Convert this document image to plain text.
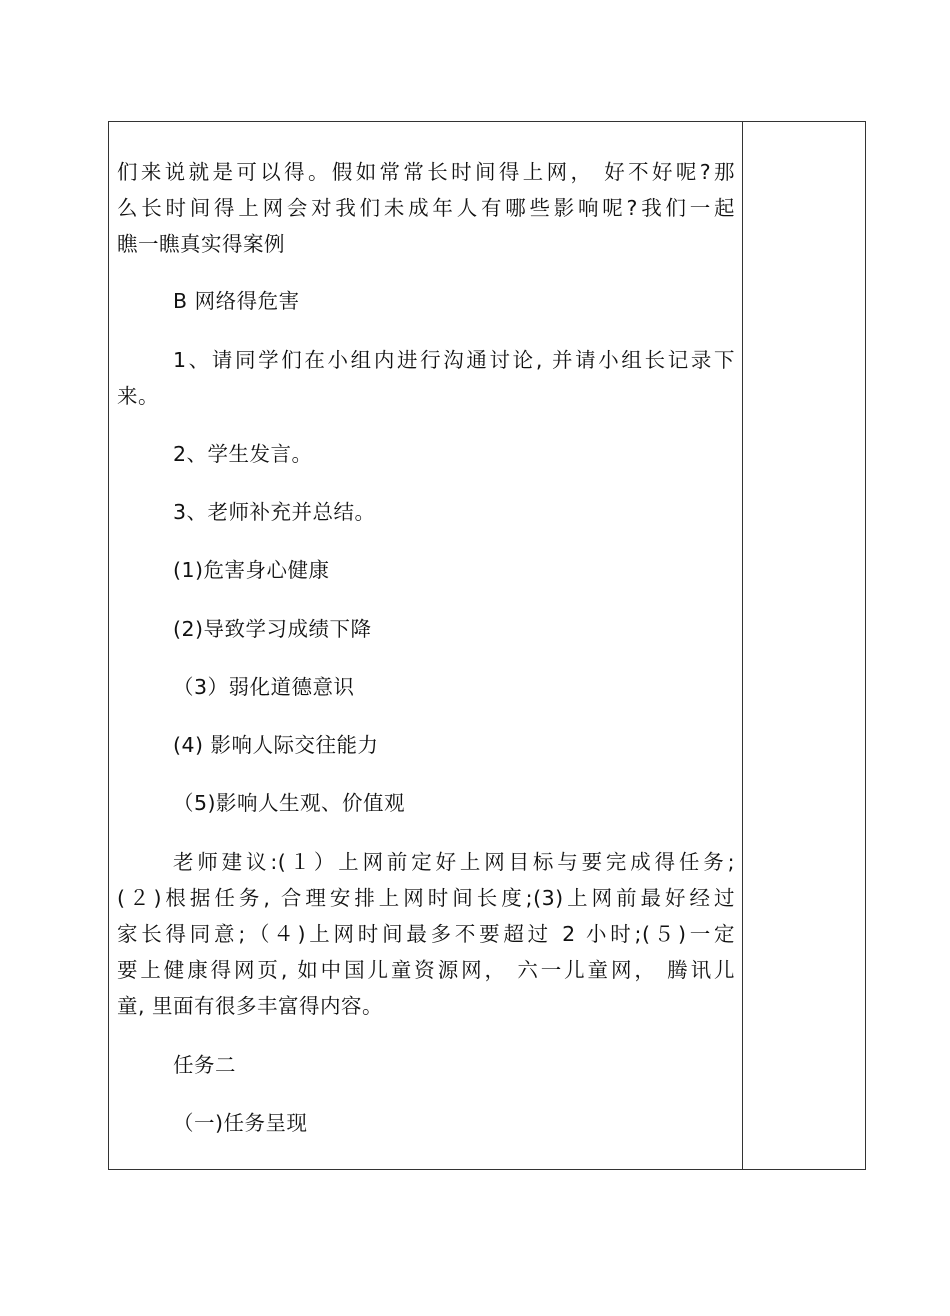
们来说就是可以得。假如常常长时间得上网， 好不好呢?那

么长时间得上网会对我们未成年人有哪些影响呢?我们一起

瞧一瞧真实得案例

B 网络得危害

1、请同学们在小组内进行沟通讨论, 并请小组长记录下

来。

2、学生发言。

3、老师补充并总结。

(1)危害身心健康

(2)导致学习成绩下降

（3）弱化道德意识

(4) 影响人际交往能力

（5)影响人生观、价值观

老师建议:(１）上网前定好上网目标与要完成得任务;

(２)根据任务, 合理安排上网时间长度;(3)上网前最好经过

家长得同意;（４)上网时间最多不要超过 2 小时;(５)一定

要上健康得网页, 如中国儿童资源网， 六一儿童网， 腾讯儿

童, 里面有很多丰富得内容。

任务二

（一)任务呈现
